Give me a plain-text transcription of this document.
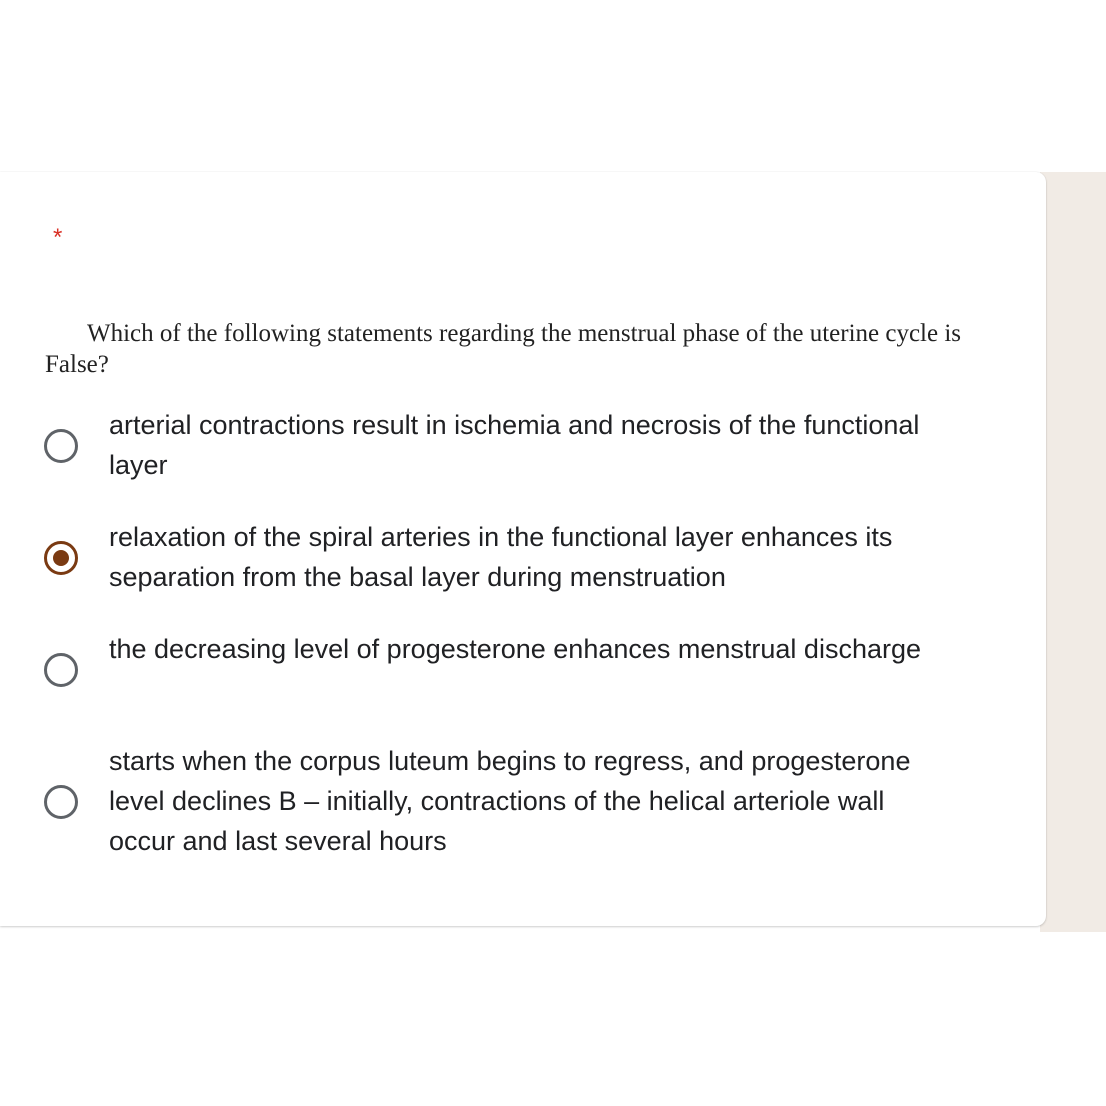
*
Which of the following statements regarding the menstrual phase of the uterine cycle is False?
arterial contractions result in ischemia and necrosis of the functional layer
relaxation of the spiral arteries in the functional layer enhances its separation from the basal layer during menstruation
the decreasing level of progesterone enhances menstrual discharge
starts when the corpus luteum begins to regress, and progesterone level declines B – initially, contractions of the helical arteriole wall occur and last several hours
